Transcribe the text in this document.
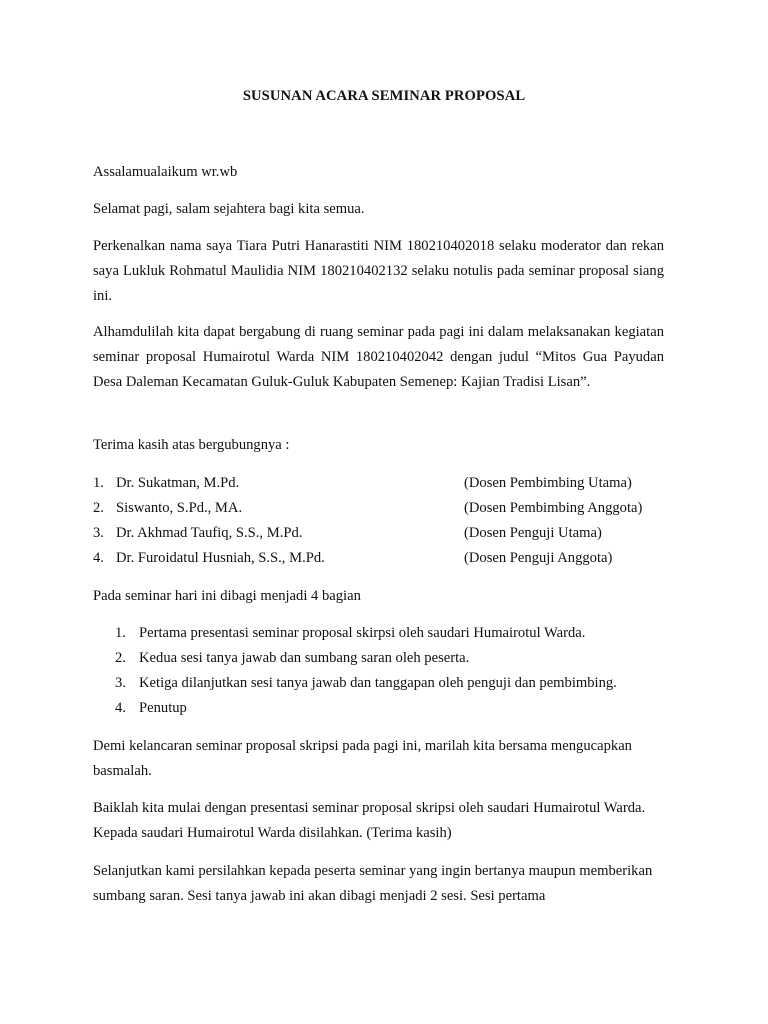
SUSUNAN ACARA SEMINAR PROPOSAL

Assalamualaikum wr.wb

Selamat pagi, salam sejahtera bagi kita semua.

Perkenalkan nama saya Tiara Putri Hanarastiti NIM 180210402018 selaku moderator dan rekan saya Lukluk Rohmatul Maulidia NIM 180210402132 selaku notulis pada seminar proposal siang ini.

Alhamdulilah kita dapat bergabung di ruang seminar pada pagi ini dalam melaksanakan kegiatan seminar proposal Humairotul Warda NIM 180210402042 dengan judul “Mitos Gua Payudan Desa Daleman Kecamatan Guluk-Guluk Kabupaten Semenep: Kajian Tradisi Lisan”.

Terima kasih atas bergubungnya :

1. Dr. Sukatman, M.Pd.	(Dosen Pembimbing Utama)
2. Siswanto, S.Pd., MA.	(Dosen Pembimbing Anggota)
3. Dr. Akhmad Taufiq, S.S., M.Pd.	(Dosen Penguji Utama)
4. Dr. Furoidatul Husniah, S.S., M.Pd.	(Dosen Penguji Anggota)

Pada seminar hari ini dibagi menjadi 4 bagian

1. Pertama presentasi seminar proposal skirpsi oleh saudari Humairotul Warda.
2. Kedua sesi tanya jawab dan sumbang saran oleh peserta.
3. Ketiga dilanjutkan sesi tanya jawab dan tanggapan oleh penguji dan pembimbing.
4. Penutup

Demi kelancaran seminar proposal skripsi pada pagi ini, marilah kita bersama mengucapkan basmalah.

Baiklah kita mulai dengan presentasi seminar proposal skripsi oleh saudari Humairotul Warda. Kepada saudari Humairotul Warda disilahkan. (Terima kasih)

Selanjutkan kami persilahkan kepada peserta seminar yang ingin bertanya maupun memberikan sumbang saran. Sesi tanya jawab ini akan dibagi menjadi 2 sesi. Sesi pertama
